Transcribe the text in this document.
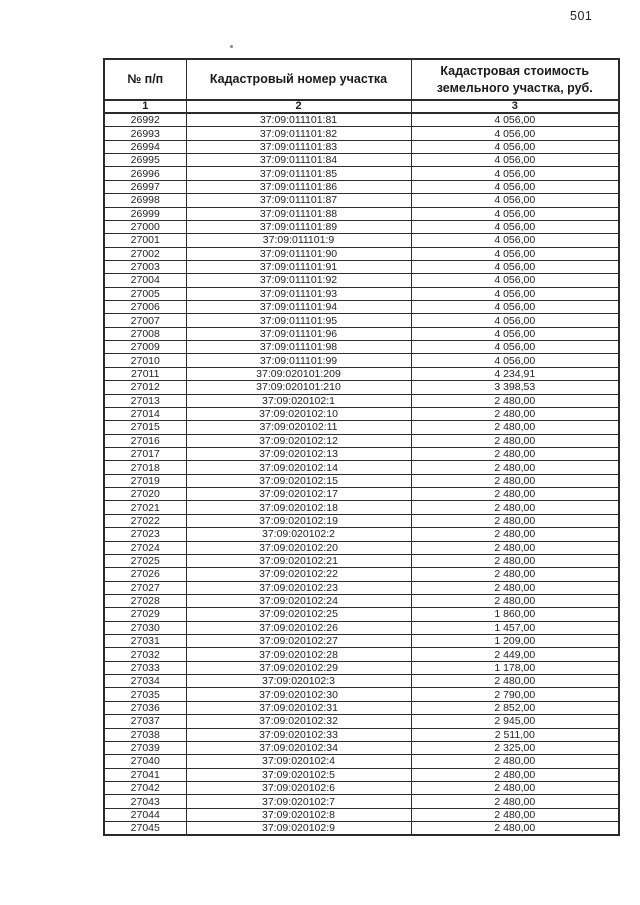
501
№ п/п	Кадастровый номер участка	Кадастровая стоимость земельного участка, руб.
1	2	3
26992	37:09:011101:81	4 056,00
26993	37:09:011101:82	4 056,00
26994	37:09:011101:83	4 056,00
26995	37:09:011101:84	4 056,00
26996	37:09:011101:85	4 056,00
26997	37:09:011101:86	4 056,00
26998	37:09:011101:87	4 056,00
26999	37:09:011101:88	4 056,00
27000	37:09:011101:89	4 056,00
27001	37:09:011101:9	4 056,00
27002	37:09:011101:90	4 056,00
27003	37:09:011101:91	4 056,00
27004	37:09:011101:92	4 056,00
27005	37:09:011101:93	4 056,00
27006	37:09:011101:94	4 056,00
27007	37:09:011101:95	4 056,00
27008	37:09:011101:96	4 056,00
27009	37:09:011101:98	4 056,00
27010	37:09:011101:99	4 056,00
27011	37:09:020101:209	4 234,91
27012	37:09:020101:210	3 398,53
27013	37:09:020102:1	2 480,00
27014	37:09:020102:10	2 480,00
27015	37:09:020102:11	2 480,00
27016	37:09:020102:12	2 480,00
27017	37:09:020102:13	2 480,00
27018	37:09:020102:14	2 480,00
27019	37:09:020102:15	2 480,00
27020	37:09:020102:17	2 480,00
27021	37:09:020102:18	2 480,00
27022	37:09:020102:19	2 480,00
27023	37:09:020102:2	2 480,00
27024	37:09:020102:20	2 480,00
27025	37:09:020102:21	2 480,00
27026	37:09:020102:22	2 480,00
27027	37:09:020102:23	2 480,00
27028	37:09:020102:24	2 480,00
27029	37:09:020102:25	1 860,00
27030	37:09:020102:26	1 457,00
27031	37:09:020102:27	1 209,00
27032	37:09:020102:28	2 449,00
27033	37:09:020102:29	1 178,00
27034	37:09:020102:3	2 480,00
27035	37:09:020102:30	2 790,00
27036	37:09:020102:31	2 852,00
27037	37:09:020102:32	2 945,00
27038	37:09:020102:33	2 511,00
27039	37:09:020102:34	2 325,00
27040	37:09:020102:4	2 480,00
27041	37:09:020102:5	2 480,00
27042	37:09:020102:6	2 480,00
27043	37:09:020102:7	2 480,00
27044	37:09:020102:8	2 480,00
27045	37:09:020102:9	2 480,00
